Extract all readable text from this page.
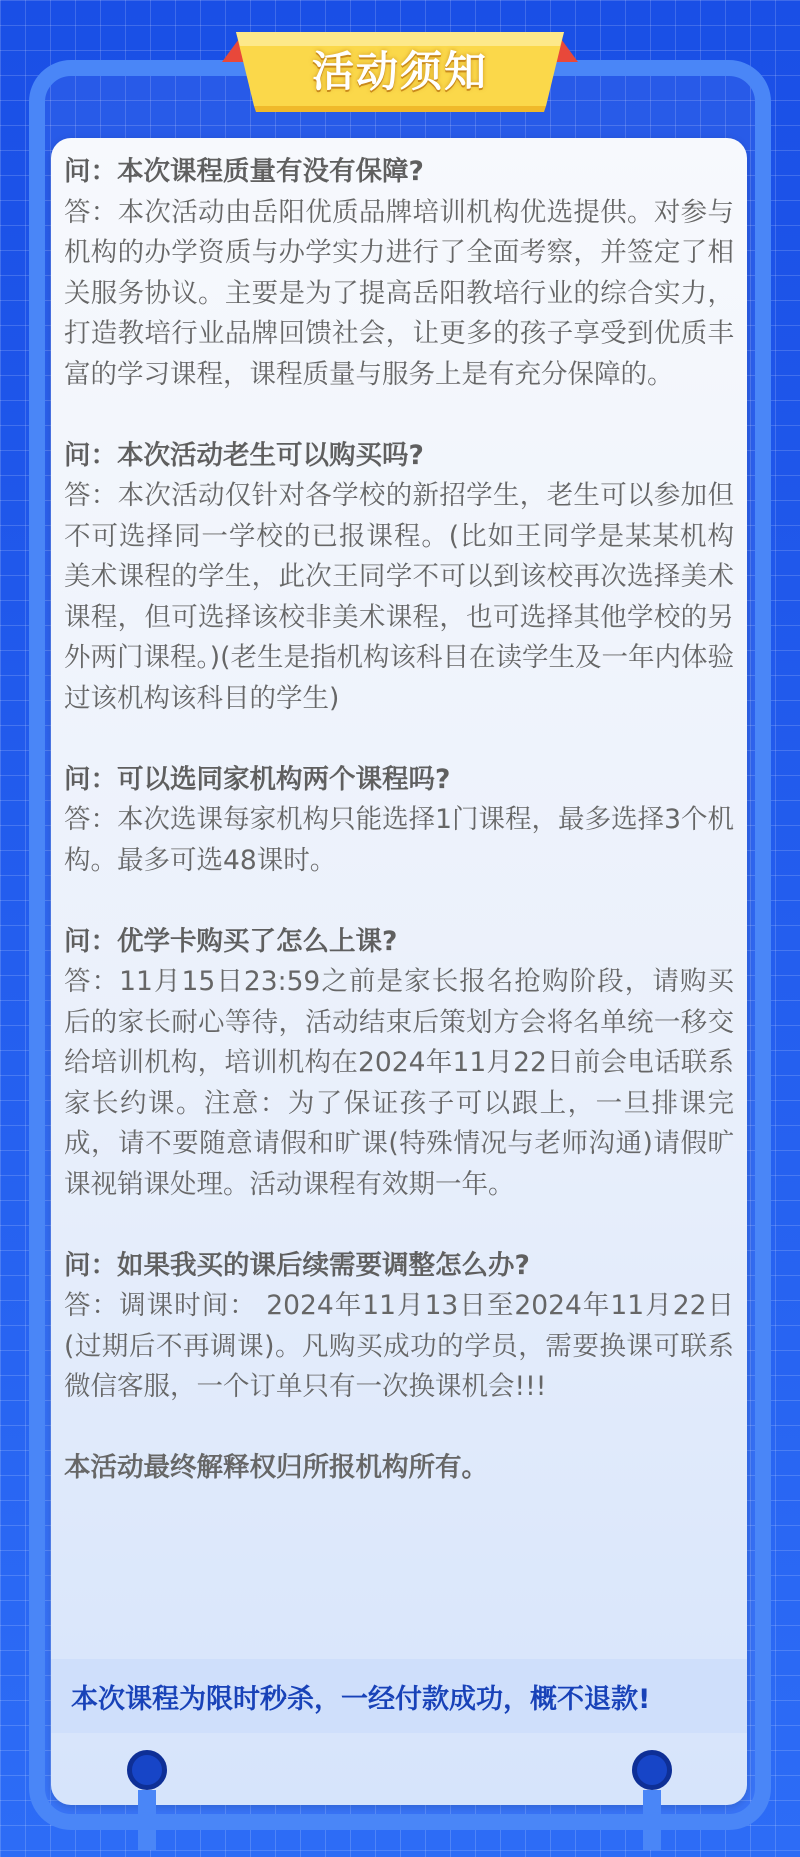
活动须知
问：本次课程质量有没有保障?
答：本次活动由岳阳优质品牌培训机构优选提供。对参与机构的办学资质与办学实力进行了全面考察，并签定了相关服务协议。主要是为了提高岳阳教培行业的综合实力，打造教培行业品牌回馈社会，让更多的孩子享受到优质丰富的学习课程，课程质量与服务上是有充分保障的。
问：本次活动老生可以购买吗?
答：本次活动仅针对各学校的新招学生，老生可以参加但不可选择同一学校的已报课程。(比如王同学是某某机构美术课程的学生，此次王同学不可以到该校再次选择美术课程，但可选择该校非美术课程，也可选择其他学校的另外两门课程。)(老生是指机构该科目在读学生及一年内体验过该机构该科目的学生)
问：可以选同家机构两个课程吗?
答：本次选课每家机构只能选择1门课程，最多选择3个机构。最多可选48课时。
问：优学卡购买了怎么上课?
答：11月15日23:59之前是家长报名抢购阶段，请购买后的家长耐心等待，活动结束后策划方会将名单统一移交给培训机构，培训机构在2024年11月22日前会电话联系家长约课。注意：为了保证孩子可以跟上，一旦排课完成，请不要随意请假和旷课(特殊情况与老师沟通)请假旷课视销课处理。活动课程有效期一年。
问：如果我买的课后续需要调整怎么办?
答：调课时间： 2024年11月13日至2024年11月22日(过期后不再调课)。凡购买成功的学员，需要换课可联系微信客服，一个订单只有一次换课机会!!!
本活动最终解释权归所报机构所有。
本次课程为限时秒杀，一经付款成功，概不退款!
